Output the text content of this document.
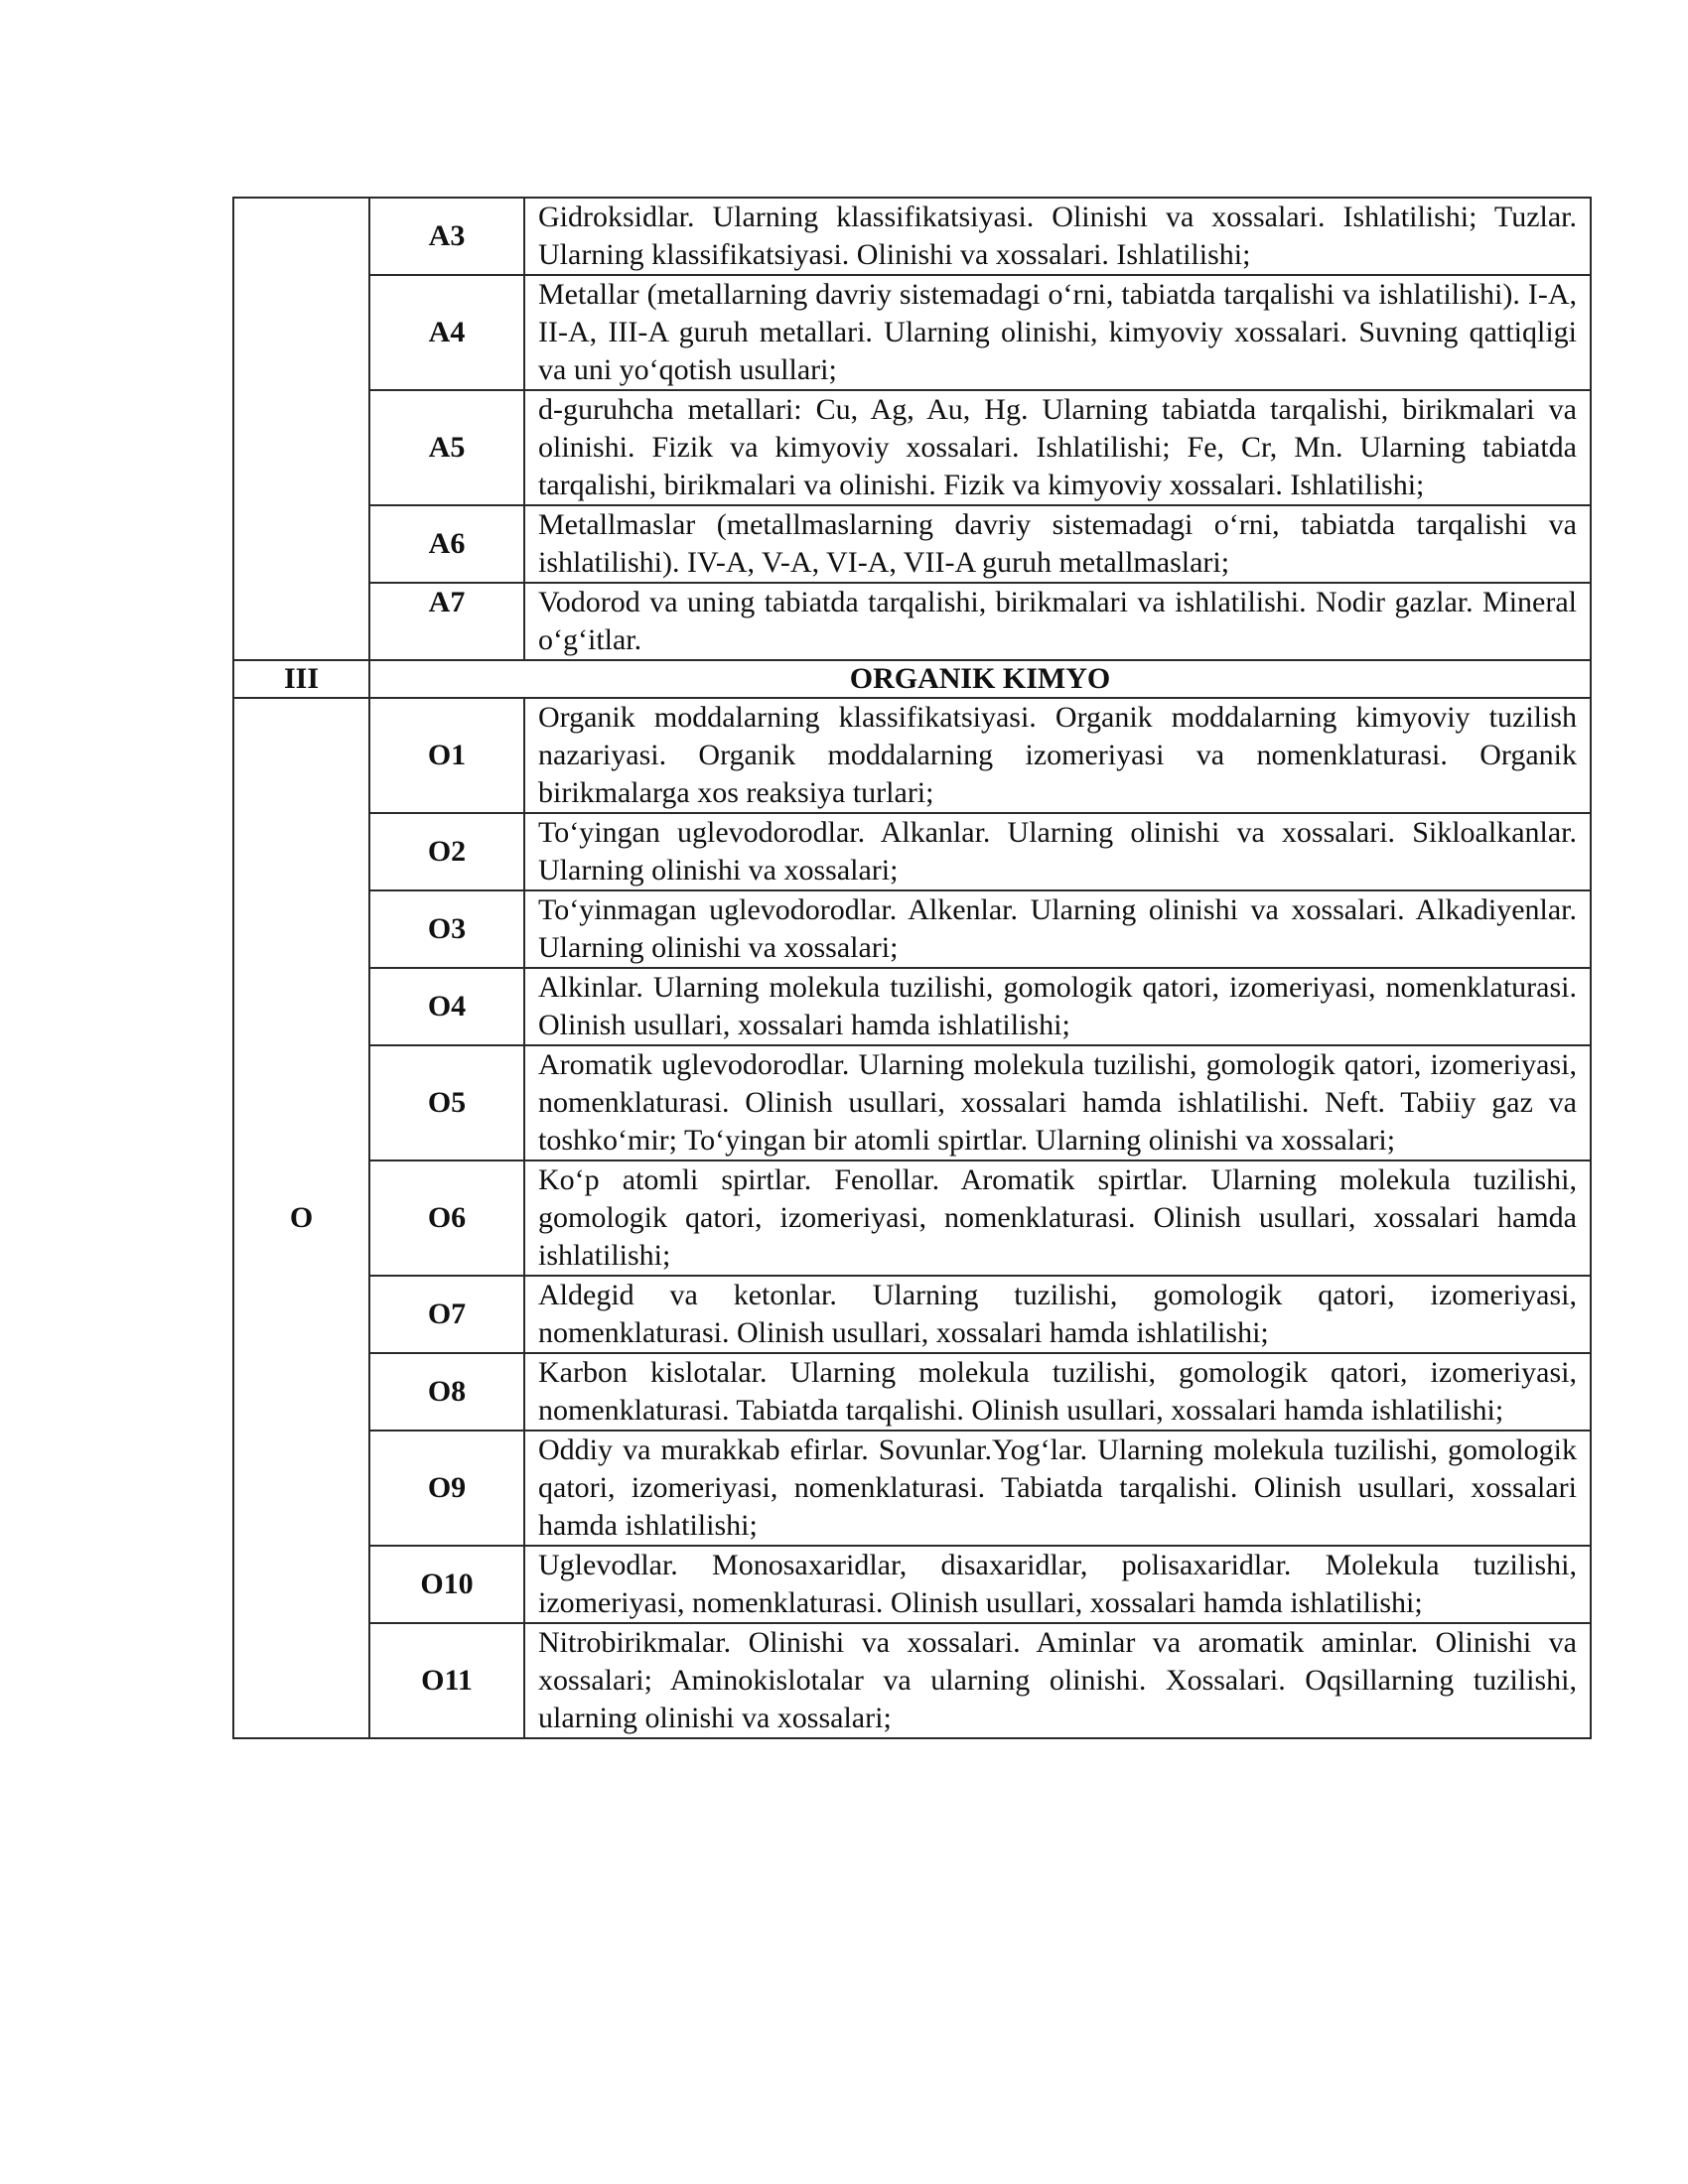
	A3	Gidroksidlar. Ularning klassifikatsiyasi. Olinishi va xossalari. Ishlatilishi; Tuzlar. Ularning klassifikatsiyasi. Olinishi va xossalari. Ishlatilishi;
	A4	Metallar (metallarning davriy sistemadagi o‘rni, tabiatda tarqalishi va ishlatilishi). I-A, II-A, III-A guruh metallari. Ularning olinishi, kimyoviy xossalari. Suvning qattiqligi va uni yo‘qotish usullari;
	A5	d-guruhcha metallari: Cu, Ag, Au, Hg. Ularning tabiatda tarqalishi, birikmalari va olinishi. Fizik va kimyoviy xossalari. Ishlatilishi; Fe, Cr, Mn. Ularning tabiatda tarqalishi, birikmalari va olinishi. Fizik va kimyoviy xossalari. Ishlatilishi;
	A6	Metallmaslar (metallmaslarning davriy sistemadagi o‘rni, tabiatda tarqalishi va ishlatilishi). IV-A, V-A, VI-A, VII-A guruh metallmaslari;
	A7	Vodorod va uning tabiatda tarqalishi, birikmalari va ishlatilishi. Nodir gazlar. Mineral o‘g‘itlar.
III	ORGANIK KIMYO	
O	O1	Organik moddalarning klassifikatsiyasi. Organik moddalarning kimyoviy tuzilish nazariyasi. Organik moddalarning izomeriyasi va nomenklaturasi. Organik birikmalarga xos reaksiya turlari;
	O2	To‘yingan uglevodorodlar. Alkanlar. Ularning olinishi va xossalari. Sikloalkanlar. Ularning olinishi va xossalari;
	O3	To‘yinmagan uglevodorodlar. Alkenlar. Ularning olinishi va xossalari. Alkadiyenlar. Ularning olinishi va xossalari;
	O4	Alkinlar. Ularning molekula tuzilishi, gomologik qatori, izomeriyasi, nomenklaturasi. Olinish usullari, xossalari hamda ishlatilishi;
	O5	Aromatik uglevodorodlar. Ularning molekula tuzilishi, gomologik qatori, izomeriyasi, nomenklaturasi. Olinish usullari, xossalari hamda ishlatilishi. Neft. Tabiiy gaz va toshko‘mir; To‘yingan bir atomli spirtlar. Ularning olinishi va xossalari;
	O6	Ko‘p atomli spirtlar. Fenollar. Aromatik spirtlar. Ularning molekula tuzilishi, gomologik qatori, izomeriyasi, nomenklaturasi. Olinish usullari, xossalari hamda ishlatilishi;
	O7	Aldegid va ketonlar. Ularning tuzilishi, gomologik qatori, izomeriyasi, nomenklaturasi. Olinish usullari, xossalari hamda ishlatilishi;
	O8	Karbon kislotalar. Ularning molekula tuzilishi, gomologik qatori, izomeriyasi, nomenklaturasi. Tabiatda tarqalishi. Olinish usullari, xossalari hamda ishlatilishi;
	O9	Oddiy va murakkab efirlar. Sovunlar.Yog‘lar. Ularning molekula tuzilishi, gomologik qatori, izomeriyasi, nomenklaturasi. Tabiatda tarqalishi. Olinish usullari, xossalari hamda ishlatilishi;
	O10	Uglevodlar. Monosaxaridlar, disaxaridlar, polisaxaridlar. Molekula tuzilishi, izomeriyasi, nomenklaturasi. Olinish usullari, xossalari hamda ishlatilishi;
	O11	Nitrobirikmalar. Olinishi va xossalari. Aminlar va aromatik aminlar. Olinishi va xossalari; Aminokislotalar va ularning olinishi. Xossalari. Oqsillarning tuzilishi, ularning olinishi va xossalari;
